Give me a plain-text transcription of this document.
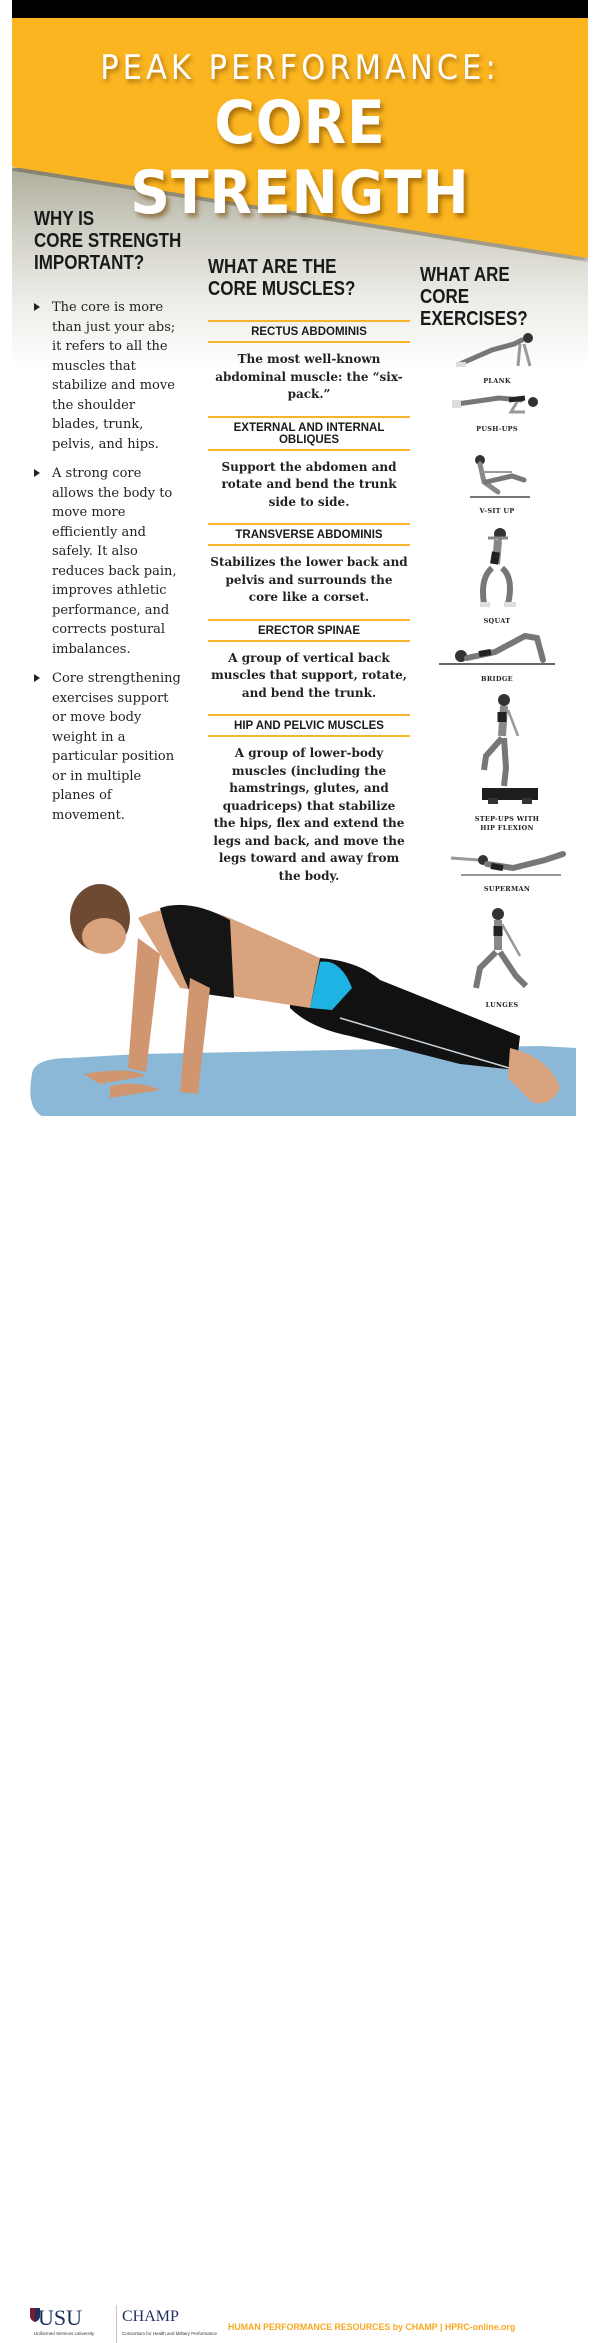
PEAK PERFORMANCE:
CORE STRENGTH
WHY IS
CORE STRENGTH
IMPORTANT?
The core is more than just your abs; it refers to all the muscles that stabilize and move the shoulder blades, trunk, pelvis, and hips.
A strong core allows the body to move more efficiently and safely. It also reduces back pain, improves athletic performance, and corrects postural imbalances.
Core strengthening exercises support or move body weight in a particular position or in multiple planes of movement.
WHAT ARE THE
CORE MUSCLES?
RECTUS ABDOMINIS
The most well-known abdominal muscle: the “six-pack.”
EXTERNAL AND INTERNAL OBLIQUES
Support the abdomen and rotate and bend the trunk side to side.
TRANSVERSE ABDOMINIS
Stabilizes the lower back and pelvis and surrounds the core like a corset.
ERECTOR SPINAE
A group of vertical back muscles that support, rotate, and bend the trunk.
HIP AND PELVIC MUSCLES
A group of lower-body muscles (including the hamstrings, glutes, and quadriceps) that stabilize the hips, flex and extend the legs and back, and move the legs toward and away from the body.
WHAT ARE
CORE EXERCISES?
PLANK
PUSH-UPS
V-SIT UP
SQUAT
BRIDGE
STEP-UPS WITH
HIP FLEXION
SUPERMAN
LUNGES
USU
Uniformed Services University
CHAMP
Consortium for Health and Military Performance
HUMAN PERFORMANCE RESOURCES by CHAMP | HPRC-online.org
